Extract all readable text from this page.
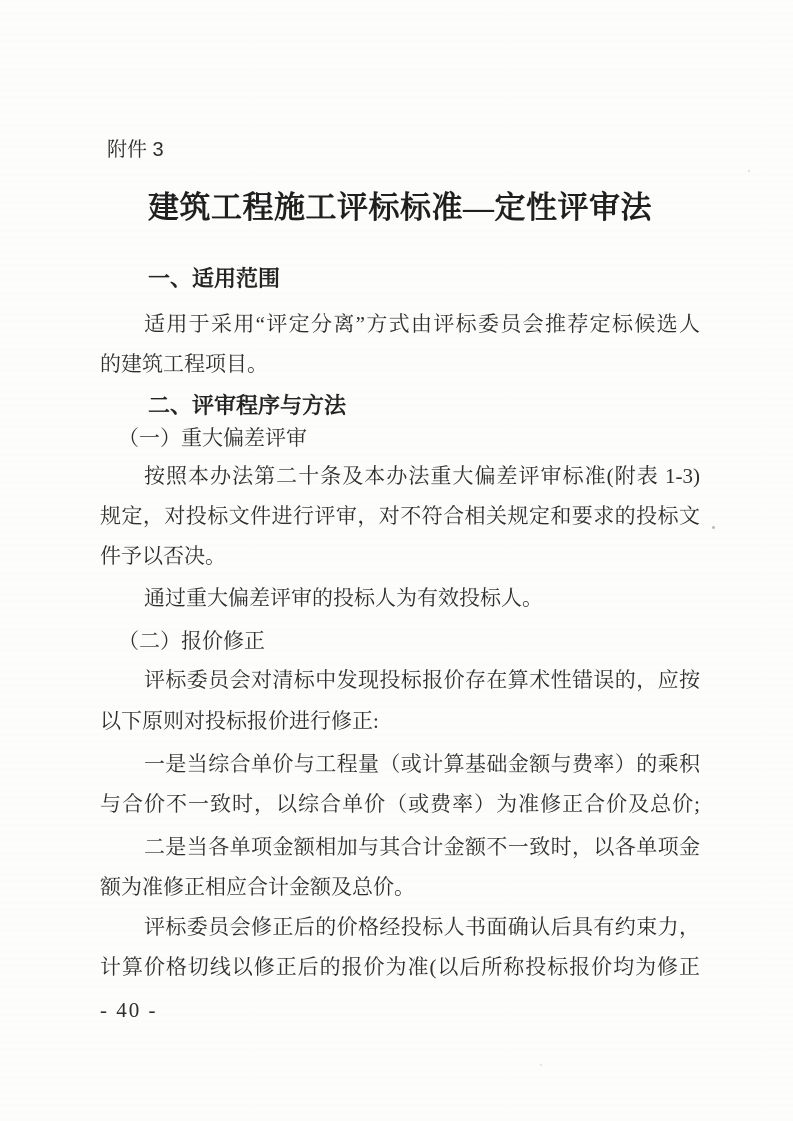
附件 3
建筑工程施工评标标准—定性评审法
一、适用范围
适用于采用“评定分离”方式由评标委员会推荐定标候选人
的建筑工程项目。
二、评审程序与方法
（一）重大偏差评审
按照本办法第二十条及本办法重大偏差评审标准(附表 1-3)
规定，对投标文件进行评审，对不符合相关规定和要求的投标文
件予以否决。
通过重大偏差评审的投标人为有效投标人。
（二）报价修正
评标委员会对清标中发现投标报价存在算术性错误的，应按
以下原则对投标报价进行修正:
一是当综合单价与工程量（或计算基础金额与费率）的乘积
与合价不一致时，以综合单价（或费率）为准修正合价及总价;
二是当各单项金额相加与其合计金额不一致时，以各单项金
额为准修正相应合计金额及总价。
评标委员会修正后的价格经投标人书面确认后具有约束力，
计算价格切线以修正后的报价为准(以后所称投标报价均为修正
- 40 -
